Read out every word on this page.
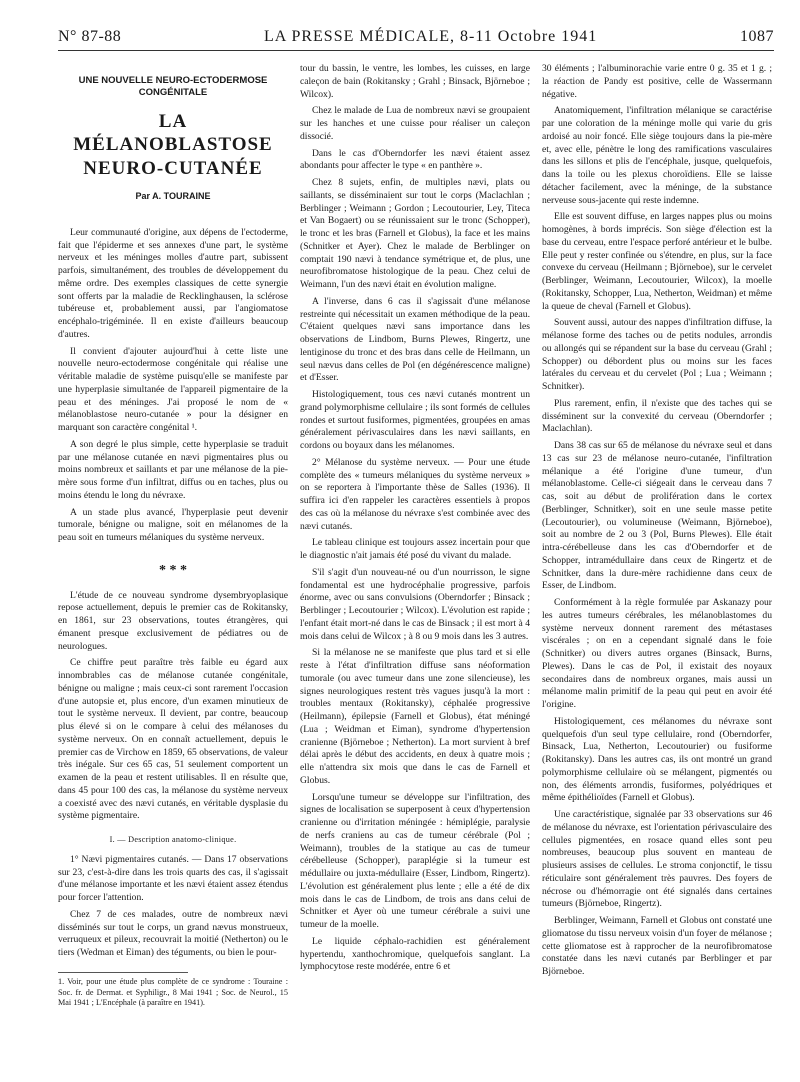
N° 87-88	LA PRESSE MÉDICALE, 8-11 Octobre 1941	1087
UNE NOUVELLE NEURO-ECTODERMOSE
CONGÉNITALE
LA MÉLANOBLASTOSE
NEURO-CUTANÉE
Par A. TOURAINE

Leur communauté d'origine, aux dépens de l'ectoderme, fait que l'épiderme et ses annexes d'une part, le système nerveux et les méninges molles d'autre part, subissent parfois, simultanément, des troubles de développement du même ordre. Des exemples classiques de cette synergie sont offerts par la maladie de Recklinghausen, la sclérose tubéreuse et, probablement aussi, par l'angiomatose encéphalo-trigéminée. Il en existe d'ailleurs beaucoup d'autres.

Il convient d'ajouter aujourd'hui à cette liste une nouvelle neuro-ectodermose congénitale qui réalise une véritable maladie de système puisqu'elle se manifeste par une hyperplasie simultanée de l'appareil pigmentaire de la peau et des méninges. J'ai proposé le nom de « mélanoblastose neuro-cutanée » pour la désigner en marquant son caractère congénital ¹.

A son degré le plus simple, cette hyperplasie se traduit par une mélanose cutanée en nævi pigmentaires plus ou moins nombreux et saillants et par une mélanose de la pie-mère sous forme d'un infiltrat, diffus ou en taches, plus ou moins étendu le long du névraxe.

A un stade plus avancé, l'hyperplasie peut devenir tumorale, bénigne ou maligne, soit en mélanomes de la peau soit en tumeurs mélaniques du système nerveux.

* * *

L'étude de ce nouveau syndrome dysembryoplasique repose actuellement, depuis le premier cas de Rokitansky, en 1861, sur 23 observations, toutes étrangères, qui émanent presque exclusivement de pédiatres ou de neurologues.

Ce chiffre peut paraître très faible eu égard aux innombrables cas de mélanose cutanée congénitale, bénigne ou maligne ; mais ceux-ci sont rarement l'occasion d'une autopsie et, plus encore, d'un examen minutieux de tout le système nerveux. Il devient, par contre, beaucoup plus élevé si on le compare à celui des mélanoses du système nerveux. On en connaît actuellement, depuis le premier cas de Virchow en 1859, 65 observations, de valeur très inégale. Sur ces 65 cas, 51 seulement comportent un examen de la peau et restent utilisables. Il en résulte que, dans 45 pour 100 des cas, la mélanose du système nerveux a coexisté avec des nævi cutanés, en véritable dysplasie du système pigmentaire.

I. — Description anatomo-clinique.

1° Nævi pigmentaires cutanés. — Dans 17 observations sur 23, c'est-à-dire dans les trois quarts des cas, il s'agissait d'une mélanose importante et les nævi étaient assez étendus pour forcer l'attention.

Chez 7 de ces malades, outre de nombreux nævi disséminés sur tout le corps, un grand nævus monstrueux, verruqueux et pileux, recouvrait la moitié (Netherton) ou le tiers (Wedman et Eiman) des téguments, ou bien le pour-

1. Voir, pour une étude plus complète de ce syndrome : Touraine : Soc. fr. de Dermat. et Syphiligr., 8 Mai 1941 ; Soc. de Neurol., 15 Mai 1941 ; L'Encéphale (à paraître en 1941).

tour du bassin, le ventre, les lombes, les cuisses, en large caleçon de bain (Rokitansky ; Grahl ; Binsack, Björneboe ; Wilcox).

Chez le malade de Lua de nombreux nævi se groupaient sur les hanches et une cuisse pour réaliser un caleçon dissocié.

Dans le cas d'Oberndorfer les nævi étaient assez abondants pour affecter le type « en panthère ».

Chez 8 sujets, enfin, de multiples nævi, plats ou saillants, se disséminaient sur tout le corps (Maclachlan ; Berblinger ; Weimann ; Gordon ; Lecoutourier, Ley, Titeca et Van Bogaert) ou se réunissaient sur le tronc (Schopper), le tronc et les bras (Farnell et Globus), la face et les mains (Schnitker et Ayer). Chez le malade de Berblinger on comptait 190 nævi à tendance symétrique et, de plus, une neurofibromatose histologique de la peau. Chez celui de Weimann, l'un des nævi était en évolution maligne.

A l'inverse, dans 6 cas il s'agissait d'une mélanose restreinte qui nécessitait un examen méthodique de la peau. C'étaient quelques nævi sans importance dans les observations de Lindbom, Burns Plewes, Ringertz, une lentiginose du tronc et des bras dans celle de Heilmann, un seul nævus dans celles de Pol (en dégénérescence maligne) et d'Esser.

Histologiquement, tous ces nævi cutanés montrent un grand polymorphisme cellulaire ; ils sont formés de cellules rondes et surtout fusiformes, pigmentées, groupées en amas généralement périvasculaires dans les nævi saillants, en cordons ou boyaux dans les mélanomes.

2° Mélanose du système nerveux. — Pour une étude complète des « tumeurs mélaniques du système nerveux » on se reportera à l'importante thèse de Salles (1936). Il suffira ici d'en rappeler les caractères essentiels à propos des cas où la mélanose du névraxe s'est combinée avec des nævi cutanés.

Le tableau clinique est toujours assez incertain pour que le diagnostic n'ait jamais été posé du vivant du malade.

S'il s'agit d'un nouveau-né ou d'un nourrisson, le signe fondamental est une hydrocéphalie progressive, parfois énorme, avec ou sans convulsions (Oberndorfer ; Binsack ; Berblinger ; Lecoutourier ; Wilcox). L'évolution est rapide ; l'enfant était mort-né dans le cas de Binsack ; il est mort à 4 mois dans celui de Wilcox ; à 8 ou 9 mois dans les 3 autres.

Si la mélanose ne se manifeste que plus tard et si elle reste à l'état d'infiltration diffuse sans néoformation tumorale (ou avec tumeur dans une zone silencieuse), les signes neurologiques restent très vagues jusqu'à la mort : troubles mentaux (Rokitansky), céphalée progressive (Heilmann), épilepsie (Farnell et Globus), état méningé (Lua ; Weidman et Eiman), syndrome d'hypertension cranienne (Björneboe ; Netherton). La mort survient à bref délai après le début des accidents, en deux à quatre mois ; elle n'attendra six mois que dans le cas de Farnell et Globus.

Lorsqu'une tumeur se développe sur l'infiltration, des signes de localisation se superposent à ceux d'hypertension cranienne ou d'irritation méningée : hémiplégie, paralysie de nerfs craniens au cas de tumeur cérébrale (Pol ; Weimann), troubles de la statique au cas de tumeur cérébelleuse (Schopper), paraplégie si la tumeur est médullaire ou juxta-médullaire (Esser, Lindbom, Ringertz). L'évolution est généralement plus lente ; elle a été de dix mois dans le cas de Lindbom, de trois ans dans celui de Schnitker et Ayer où une tumeur cérébrale a suivi une tumeur de la moelle.

Le liquide céphalo-rachidien est généralement hypertendu, xanthochromique, quelquefois sanglant. La lymphocytose reste modérée, entre 6 et

30 éléments ; l'albuminorachie varie entre 0 g. 35 et 1 g. ; la réaction de Pandy est positive, celle de Wassermann négative.

Anatomiquement, l'infiltration mélanique se caractérise par une coloration de la méninge molle qui varie du gris ardoisé au noir foncé. Elle siège toujours dans la pie-mère et, avec elle, pénètre le long des ramifications vasculaires dans les sillons et plis de l'encéphale, jusque, quelquefois, dans la toile ou les plexus choroïdiens. Elle se laisse détacher facilement, avec la méninge, de la substance nerveuse sous-jacente qui reste indemne.

Elle est souvent diffuse, en larges nappes plus ou moins homogènes, à bords imprécis. Son siège d'élection est la base du cerveau, entre l'espace perforé antérieur et le bulbe. Elle peut y rester confinée ou s'étendre, en plus, sur la face convexe du cerveau (Heilmann ; Björneboe), sur le cervelet (Berblinger, Weimann, Lecoutourier, Wilcox), la moelle (Rokitansky, Schopper, Lua, Netherton, Weidman) et même la queue de cheval (Farnell et Globus).

Souvent aussi, autour des nappes d'infiltration diffuse, la mélanose forme des taches ou de petits nodules, arrondis ou allongés qui se répandent sur la base du cerveau (Grahl ; Schopper) ou débordent plus ou moins sur les faces latérales du cerveau et du cervelet (Pol ; Lua ; Weimann ; Schnitker).

Plus rarement, enfin, il n'existe que des taches qui se disséminent sur la convexité du cerveau (Oberndorfer ; Maclachlan).

Dans 38 cas sur 65 de mélanose du névraxe seul et dans 13 cas sur 23 de mélanose neuro-cutanée, l'infiltration mélanique a été l'origine d'une tumeur, d'un mélanoblastome. Celle-ci siégeait dans le cerveau dans 7 cas, soit au début de prolifération dans le cortex (Berblinger, Schnitker), soit en une seule masse petite (Lecoutourier), ou volumineuse (Weimann, Björneboe), soit au nombre de 2 ou 3 (Pol, Burns Plewes). Elle était intra-cérébelleuse dans les cas d'Oberndorfer et de Schopper, intramédullaire dans ceux de Ringertz et de Schnitker, dans la dure-mère rachidienne dans ceux de Esser, de Lindbom.

Conformément à la règle formulée par Askanazy pour les autres tumeurs cérébrales, les mélanoblastomes du système nerveux donnent rarement des métastases viscérales ; on en a cependant signalé dans le foie (Schnitker) ou divers autres organes (Binsack, Burns, Plewes). Dans le cas de Pol, il existait des noyaux secondaires dans de nombreux organes, mais aussi un mélanome malin primitif de la peau qui peut en avoir été l'origine.

Histologiquement, ces mélanomes du névraxe sont quelquefois d'un seul type cellulaire, rond (Oberndorfer, Binsack, Lua, Netherton, Lecoutourier) ou fusiforme (Rokitansky). Dans les autres cas, ils ont montré un grand polymorphisme cellulaire où se mélangent, pigmentés ou non, des éléments arrondis, fusiformes, polyédriques et même épithélioïdes (Farnell et Globus).

Une caractéristique, signalée par 33 observations sur 46 de mélanose du névraxe, est l'orientation périvasculaire des cellules pigmentées, en rosace quand elles sont peu nombreuses, beaucoup plus souvent en manteau de plusieurs assises de cellules. Le stroma conjonctif, le tissu réticulaire sont généralement très pauvres. Des foyers de nécrose ou d'hémorragie ont été signalés dans certaines tumeurs (Björneboe, Ringertz).

Berblinger, Weimann, Farnell et Globus ont constaté une gliomatose du tissu nerveux voisin d'un foyer de mélanose ; cette gliomatose est à rapprocher de la neurofibromatose constatée dans les nævi cutanés par Berblinger et par Björneboe.
